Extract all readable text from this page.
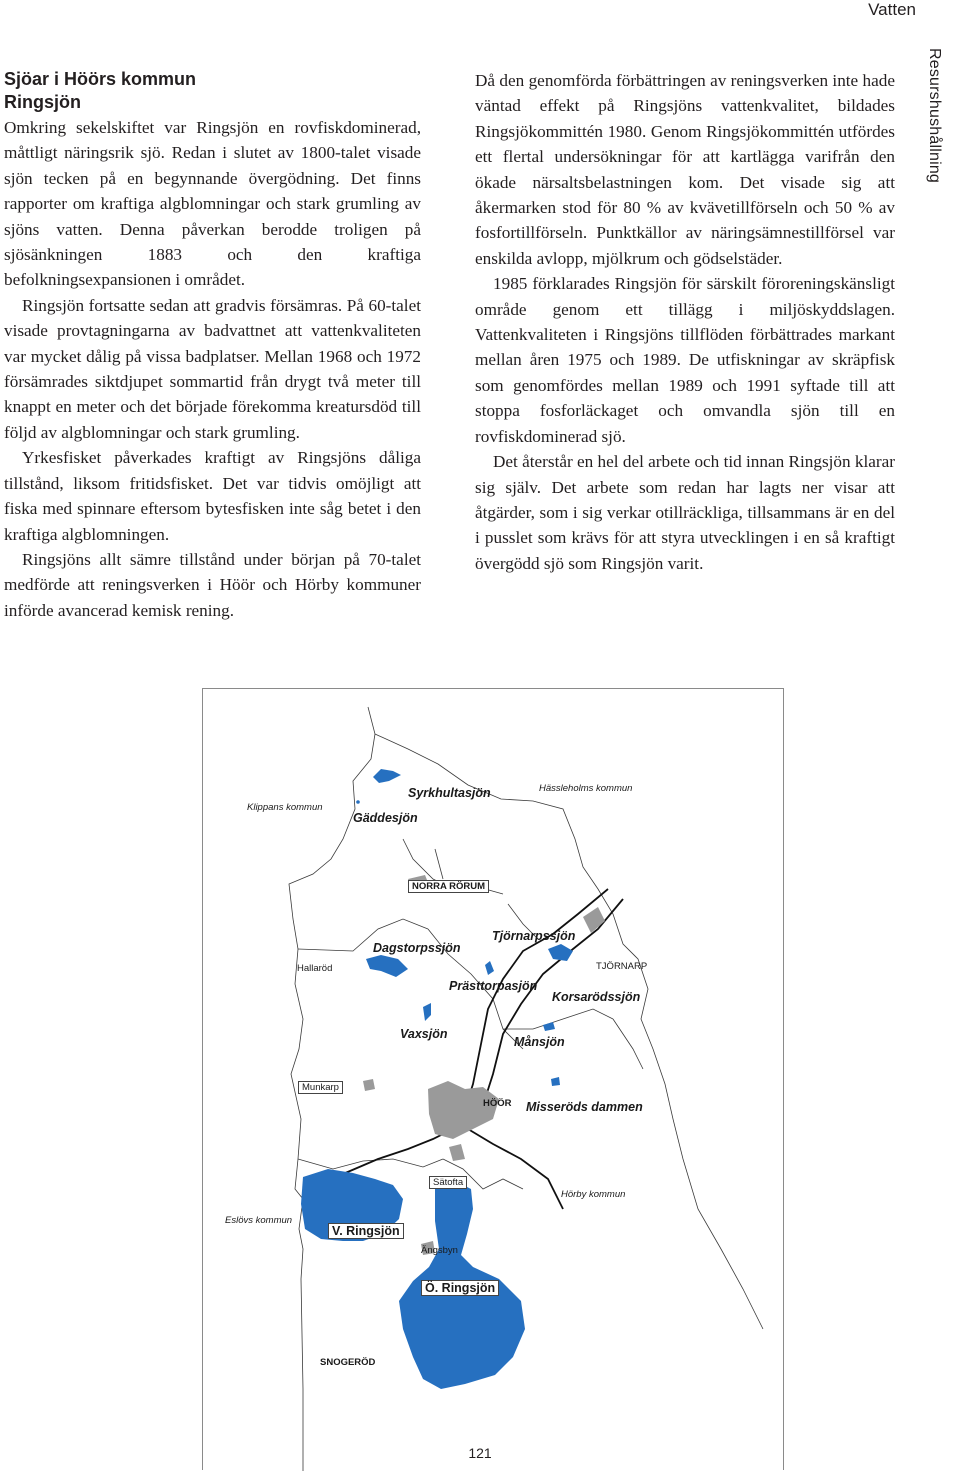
Vatten
Resurshushållning
Sjöar i Höörs kommun
Ringsjön

Omkring sekelskiftet var Ringsjön en rovfiskdominerad, måttligt näringsrik sjö. Redan i slutet av 1800-talet visade sjön tecken på en begynnande övergödning. Det finns rapporter om kraftiga algblomningar och stark grumling av sjöns vatten. Denna påverkan berodde troligen på sjösänkningen 1883 och den kraftiga befolkningsexpansionen i området.

Ringsjön fortsatte sedan att gradvis försämras. På 60-talet visade provtagningarna av badvattnet att vattenkvaliteten var mycket dålig på vissa badplatser. Mellan 1968 och 1972 försämrades siktdjupet sommartid från drygt två meter till knappt en meter och det började förekomma kreatursdöd till följd av algblomningar och stark grumling.

Yrkesfisket påverkades kraftigt av Ringsjöns dåliga tillstånd, liksom fritidsfisket. Det var tidvis omöjligt att fiska med spinnare eftersom bytesfisken inte såg betet i den kraftiga algblomningen.

Ringsjöns allt sämre tillstånd under början på 70-talet medförde att reningsverken i Höör och Hörby kommuner införde avancerad kemisk rening.

Då den genomförda förbättringen av reningsverken inte hade väntad effekt på Ringsjöns vattenkvalitet, bildades Ringsjökommittén 1980. Genom Ringsjökommittén utfördes ett flertal undersökningar för att kartlägga varifrån den ökade närsaltsbelastningen kom. Det visade sig att åkermarken stod för 80 % av kvävetillförseln och 50 % av fosfortillförseln. Punktkällor av näringsämnestillförsel var enskilda avlopp, mjölkrum och gödselstäder.

1985 förklarades Ringsjön för särskilt föroreningskänsligt område genom ett tillägg i miljöskyddslagen. Vattenkvaliteten i Ringsjöns tillflöden förbättrades markant mellan åren 1975 och 1989. De utfiskningar av skräpfisk som genomfördes mellan 1989 och 1991 syftade till att stoppa fosforläckaget och omvandla sjön till en rovfiskdominerad sjö.

Det återstår en hel del arbete och tid innan Ringsjön klarar sig själv. Det arbete som redan har lagts ner visar att åtgärder, som i sig verkar otillräckliga, tillsammans är en del i pusslet som krävs för att styra utvecklingen i en så kraftigt övergödd sjö som Ringsjön varit.

Klippans kommun
Gäddesjön
Syrkhultasjön	Hässleholms kommun
NORRA RÖRUM
Hallaröd
Dagstorpssjön
Tjörnarpssjön
TJÖRNARP
Prästtorpasjön
Korsarödssjön
Vaxsjön
Månsjön
Munkarp
HÖÖR Misseröds dammen
Sätofta
Hörby kommun
Eslövs kommun
V. Ringsjön
Ängsbyn
Ö. Ringsjön
SNOGERÖD
121
